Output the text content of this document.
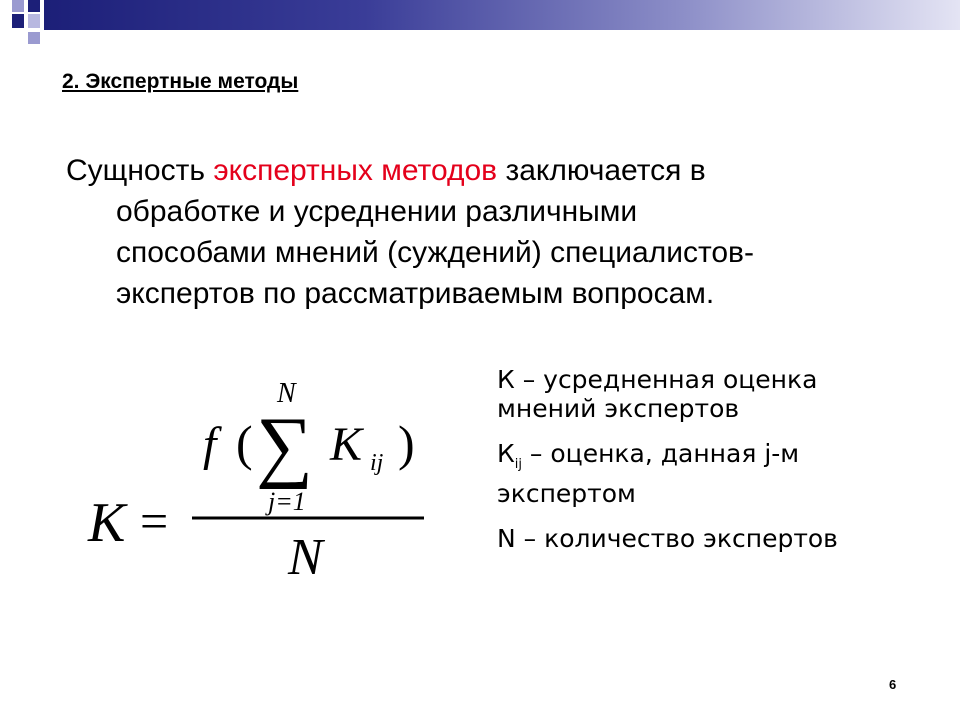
2. Экспертные методы
Сущность экспертных методов заключается в
обработке и усреднении различными
способами мнений (суждений) специалистов-
экспертов по рассматриваемым вопросам.
K =
f (
N
∑
j=1
K ij )
N
К – усредненная оценка мнений экспертов
$К_{ij}$ – оценка, данная j-м экспертом
N – количество экспертов
6
